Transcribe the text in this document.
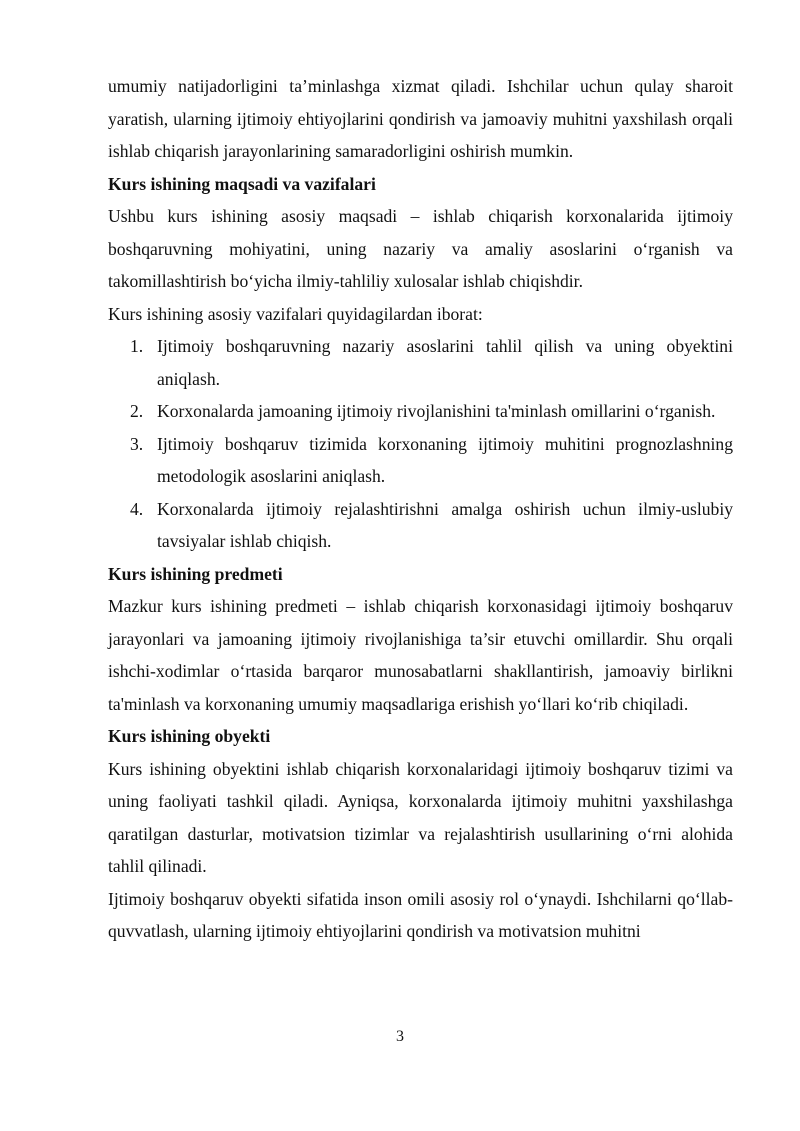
umumiy natijadorligini ta’minlashga xizmat qiladi. Ishchilar uchun qulay sharoit yaratish, ularning ijtimoiy ehtiyojlarini qondirish va jamoaviy muhitni yaxshilash orqali ishlab chiqarish jarayonlarining samaradorligini oshirish mumkin.

Kurs ishining maqsadi va vazifalari

Ushbu kurs ishining asosiy maqsadi – ishlab chiqarish korxonalarida ijtimoiy boshqaruvning mohiyatini, uning nazariy va amaliy asoslarini o‘rganish va takomillashtirish bo‘yicha ilmiy-tahliliy xulosalar ishlab chiqishdir.

Kurs ishining asosiy vazifalari quyidagilardan iborat:

1. Ijtimoiy boshqaruvning nazariy asoslarini tahlil qilish va uning obyektini aniqlash.
2. Korxonalarda jamoaning ijtimoiy rivojlanishini ta'minlash omillarini o‘rganish.
3. Ijtimoiy boshqaruv tizimida korxonaning ijtimoiy muhitini prognozlashning metodologik asoslarini aniqlash.
4. Korxonalarda ijtimoiy rejalashtirishni amalga oshirish uchun ilmiy-uslubiy tavsiyalar ishlab chiqish.
Kurs ishining predmeti

Mazkur kurs ishining predmeti – ishlab chiqarish korxonasidagi ijtimoiy boshqaruv jarayonlari va jamoaning ijtimoiy rivojlanishiga ta’sir etuvchi omillardir. Shu orqali ishchi-xodimlar o‘rtasida barqaror munosabatlarni shakllantirish, jamoaviy birlikni ta'minlash va korxonaning umumiy maqsadlariga erishish yo‘llari ko‘rib chiqiladi.

Kurs ishining obyekti

Kurs ishining obyektini ishlab chiqarish korxonalaridagi ijtimoiy boshqaruv tizimi va uning faoliyati tashkil qiladi. Ayniqsa, korxonalarda ijtimoiy muhitni yaxshilashga qaratilgan dasturlar, motivatsion tizimlar va rejalashtirish usullarining o‘rni alohida tahlil qilinadi.

Ijtimoiy boshqaruv obyekti sifatida inson omili asosiy rol o‘ynaydi. Ishchilarni qo‘llab-quvvatlash, ularning ijtimoiy ehtiyojlarini qondirish va motivatsion muhitni

3
